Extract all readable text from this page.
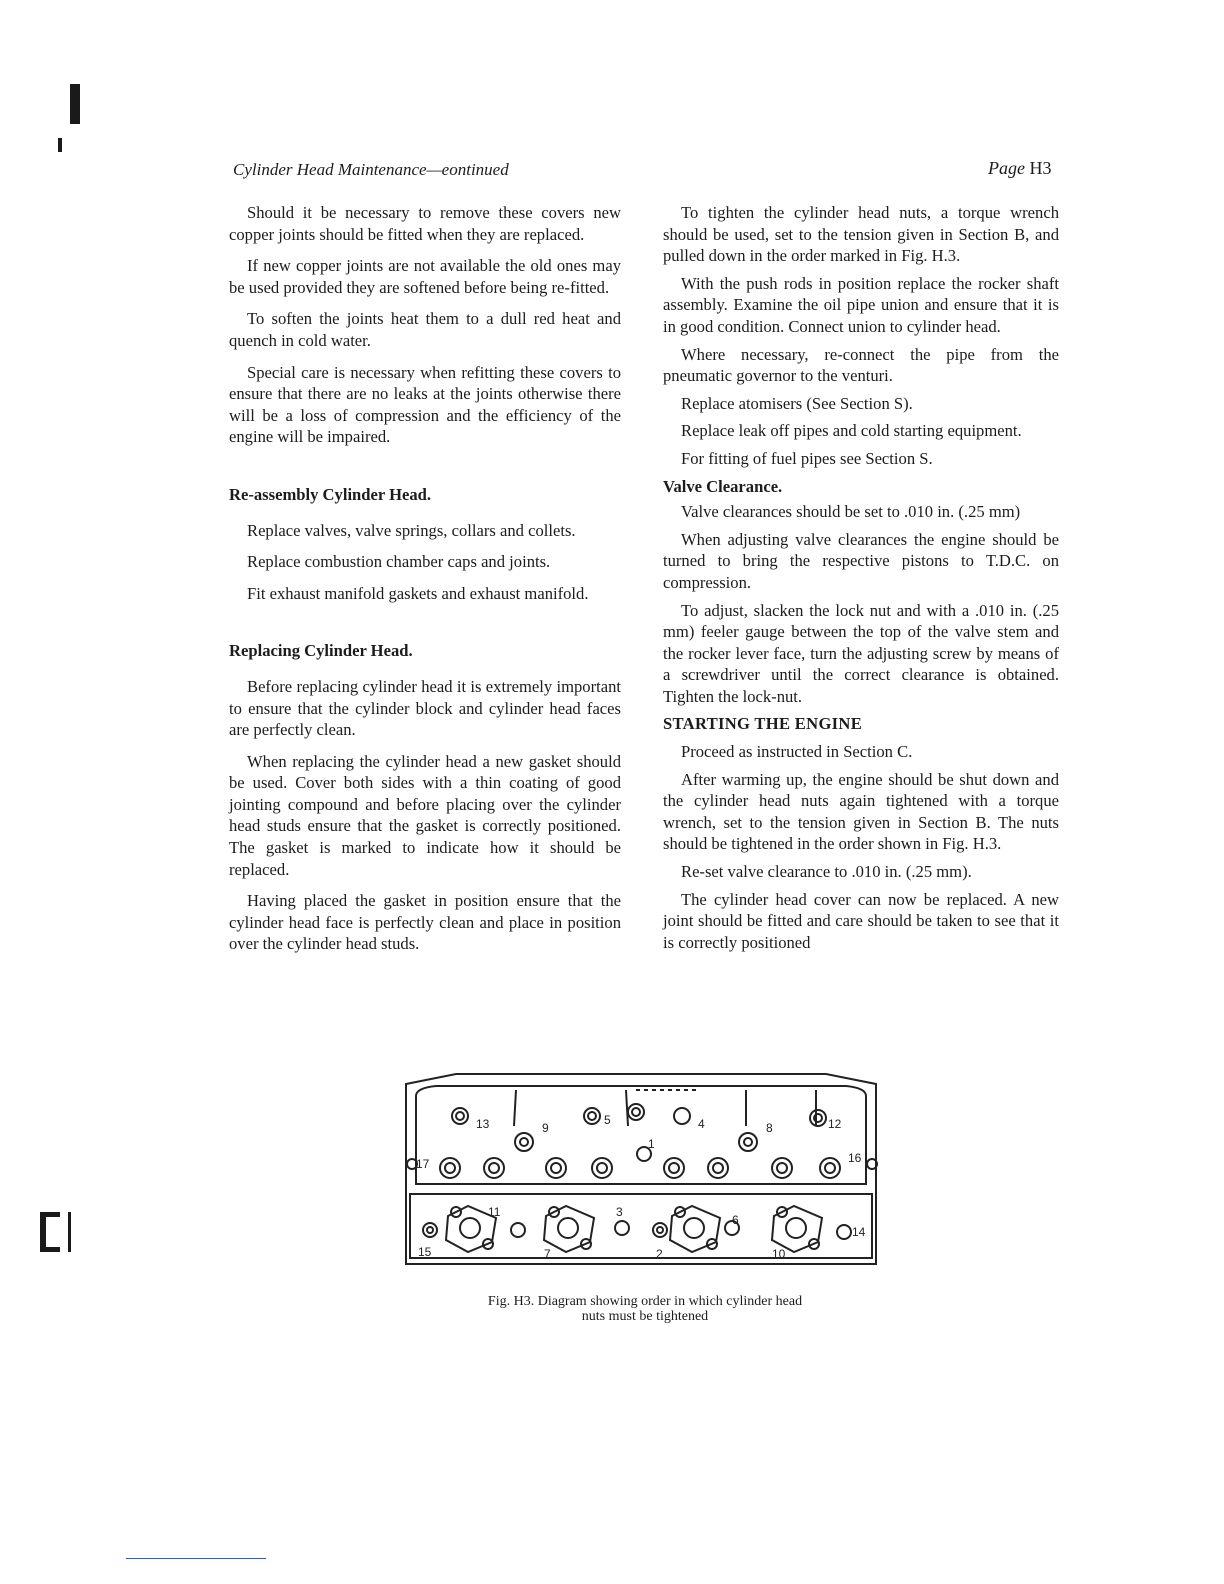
Cylinder Head Maintenance—eontinued	Page H3

Should it be necessary to remove these covers new copper joints should be fitted when they are replaced.

If new copper joints are not available the old ones may be used provided they are softened before being re-fitted.

To soften the joints heat them to a dull red heat and quench in cold water.

Special care is necessary when refitting these covers to ensure that there are no leaks at the joints otherwise there will be a loss of compression and the efficiency of the engine will be impaired.

Re-assembly Cylinder Head.

Replace valves, valve springs, collars and collets.

Replace combustion chamber caps and joints.

Fit exhaust manifold gaskets and exhaust manifold.

Replacing Cylinder Head.

Before replacing cylinder head it is extremely important to ensure that the cylinder block and cylinder head faces are perfectly clean.

When replacing the cylinder head a new gasket should be used. Cover both sides with a thin coating of good jointing compound and before placing over the cylinder head studs ensure that the gasket is correctly positioned. The gasket is marked to indicate how it should be replaced.

Having placed the gasket in position ensure that the cylinder head face is perfectly clean and place in position over the cylinder head studs.

To tighten the cylinder head nuts, a torque wrench should be used, set to the tension given in Section B, and pulled down in the order marked in Fig. H.3.

With the push rods in position replace the rocker shaft assembly. Examine the oil pipe union and ensure that it is in good condition. Connect union to cylinder head.

Where necessary, re-connect the pipe from the pneumatic governor to the venturi.

Replace atomisers (See Section S).

Replace leak off pipes and cold starting equipment.

For fitting of fuel pipes see Section S.

Valve Clearance.

Valve clearances should be set to .010 in. (.25 mm)

When adjusting valve clearances the engine should be turned to bring the respective pistons to T.D.C. on compression.

To adjust, slacken the lock nut and with a .010 in. (.25 mm) feeler gauge between the top of the valve stem and the rocker lever face, turn the adjusting screw by means of a screwdriver until the correct clearance is obtained. Tighten the lock-nut.

STARTING THE ENGINE

Proceed as instructed in Section C.

After warming up, the engine should be shut down and the cylinder head nuts again tightened with a torque wrench, set to the tension given in Section B. The nuts should be tightened in the order shown in Fig. H.3.

Re-set valve clearance to .010 in. (.25 mm).

The cylinder head cover can now be replaced. A new joint should be fitted and care should be taken to see that it is correctly positioned

1
2
3
4
5
6
7
8
9
10
11
12
13
14
15
16
17
Fig. H3. Diagram showing order in which cylinder head
nuts must be tightened
